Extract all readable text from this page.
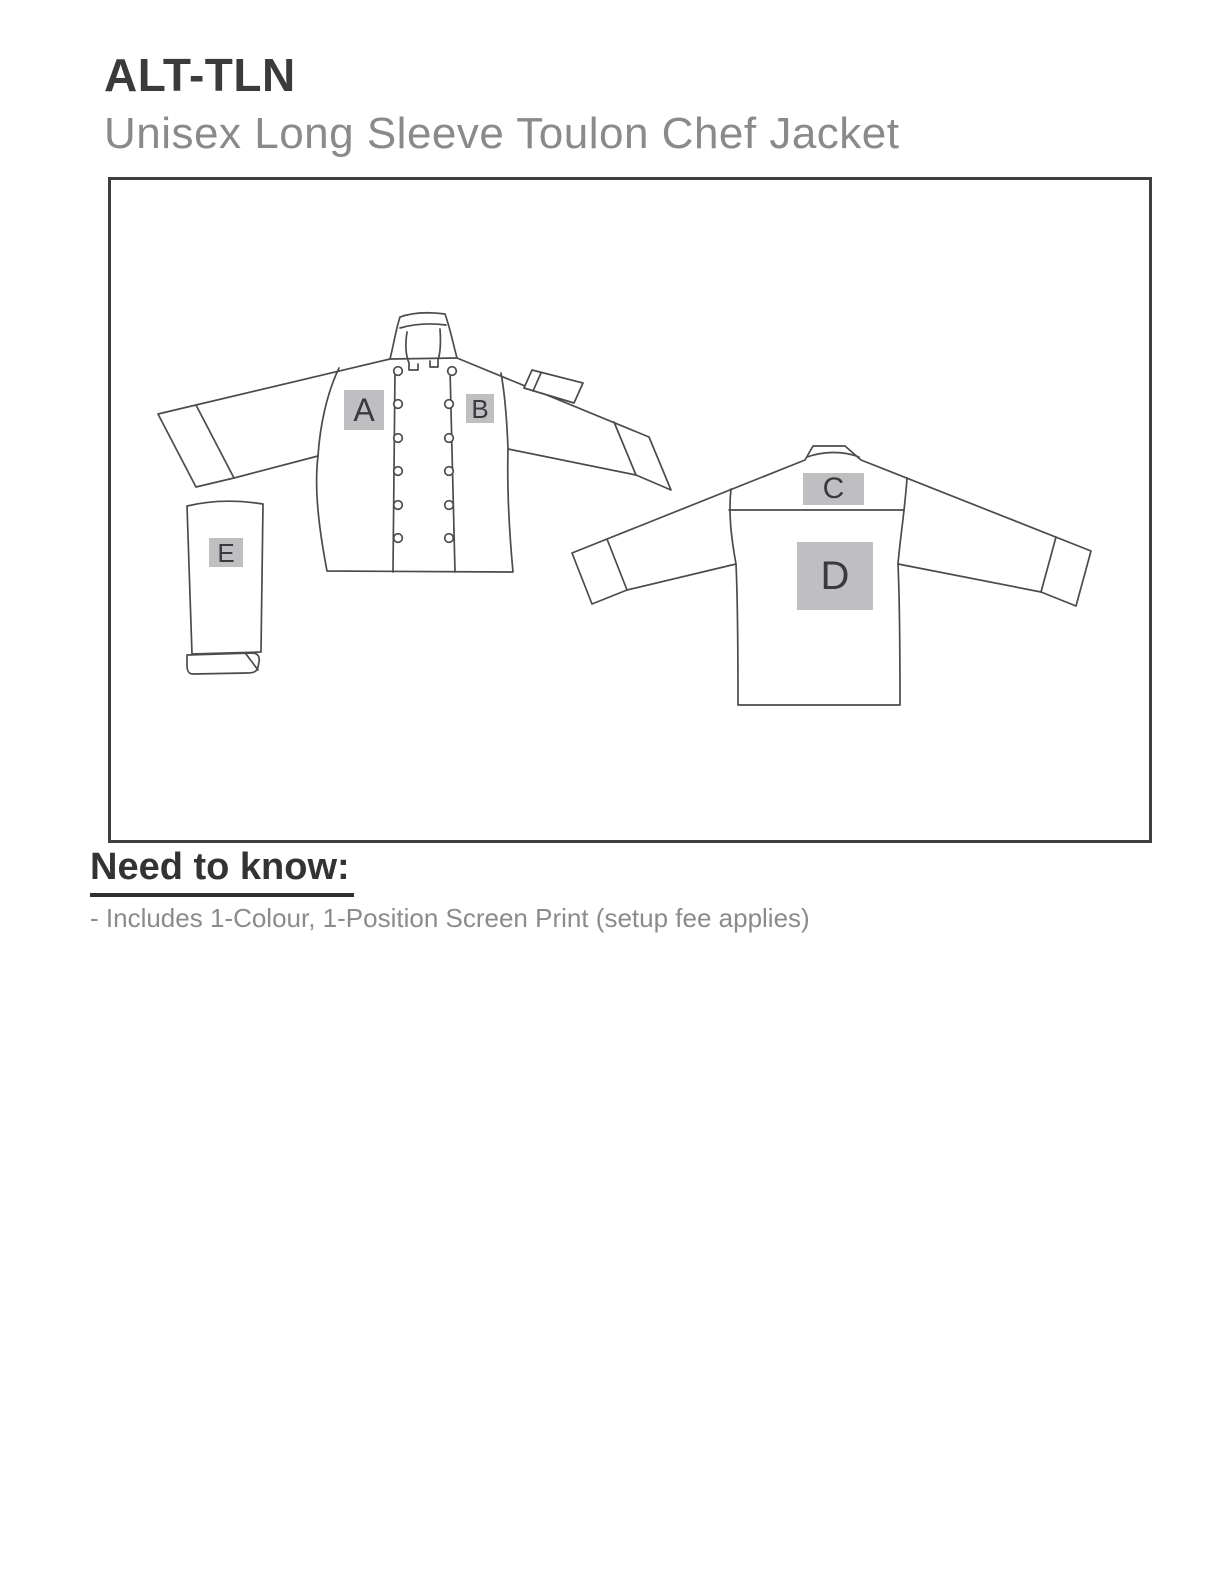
ALT-TLN
Unisex Long Sleeve Toulon Chef Jacket
A	B
C
D
E
Need to know:
- Includes 1-Colour, 1-Position Screen Print (setup fee applies)
